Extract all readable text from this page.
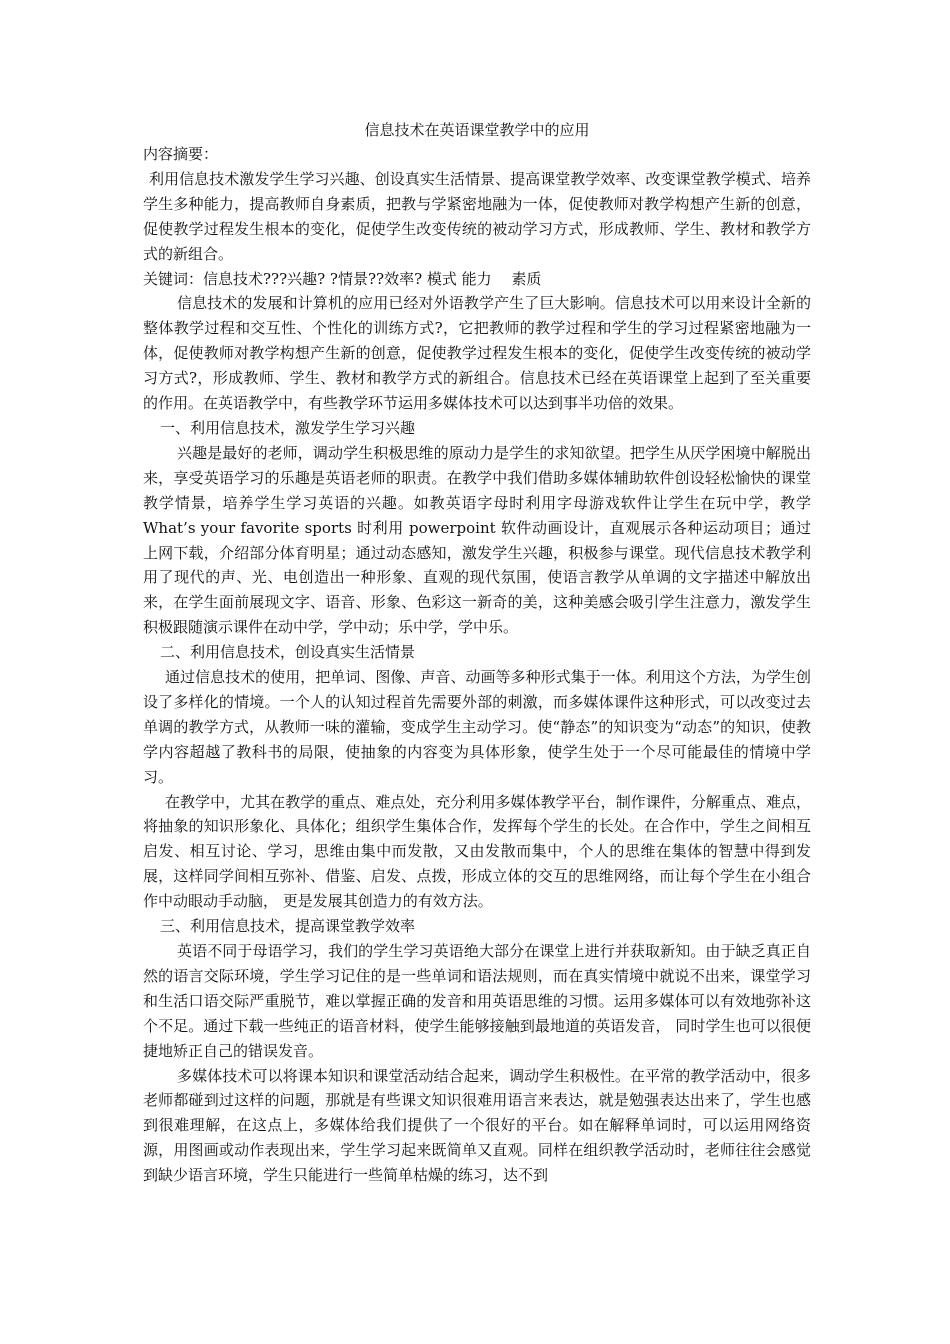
信息技术在英语课堂教学中的应用
内容摘要：

利用信息技术激发学生学习兴趣、创设真实生活情景、提高课堂教学效率、改变课堂教学模式、培养学生多种能力，提高教师自身素质，把教与学紧密地融为一体，促使教师对教学构想产生新的创意，促使教学过程发生根本的变化，促使学生改变传统的被动学习方式，形成教师、学生、教材和教学方式的新组合。

关键词：信息技术???兴趣? ?情景??效率? 模式 能力　 素质

信息技术的发展和计算机的应用已经对外语教学产生了巨大影响。信息技术可以用来设计全新的整体教学过程和交互性、个性化的训练方式?，它把教师的教学过程和学生的学习过程紧密地融为一体，促使教师对教学构想产生新的创意，促使教学过程发生根本的变化，促使学生改变传统的被动学习方式?，形成教师、学生、教材和教学方式的新组合。信息技术已经在英语课堂上起到了至关重要的作用。在英语教学中，有些教学环节运用多媒体技术可以达到事半功倍的效果。

一、利用信息技术，激发学生学习兴趣

兴趣是最好的老师，调动学生积极思维的原动力是学生的求知欲望。把学生从厌学困境中解脱出来，享受英语学习的乐趣是英语老师的职责。在教学中我们借助多媒体辅助软件创设轻松愉快的课堂教学情景，培养学生学习英语的兴趣。如教英语字母时利用字母游戏软件让学生在玩中学，教学 What’s your favorite sports 时利用 powerpoint 软件动画设计，直观展示各种运动项目；通过上网下载，介绍部分体育明星；通过动态感知，激发学生兴趣，积极参与课堂。现代信息技术教学利用了现代的声、光、电创造出一种形象、直观的现代氛围，使语言教学从单调的文字描述中解放出来，在学生面前展现文字、语音、形象、色彩这一新奇的美，这种美感会吸引学生注意力，激发学生积极跟随演示课件在动中学，学中动；乐中学，学中乐。

二、利用信息技术，创设真实生活情景

通过信息技术的使用，把单词、图像、声音、动画等多种形式集于一体。利用这个方法，为学生创设了多样化的情境。一个人的认知过程首先需要外部的刺激，而多媒体课件这种形式，可以改变过去单调的教学方式，从教师一味的灌输，变成学生主动学习。使“静态”的知识变为“动态”的知识，使教学内容超越了教科书的局限，使抽象的内容变为具体形象，使学生处于一个尽可能最佳的情境中学习。

在教学中，尤其在教学的重点、难点处，充分利用多媒体教学平台，制作课件，分解重点、难点，将抽象的知识形象化、具体化；组织学生集体合作，发挥每个学生的长处。在合作中，学生之间相互启发、相互讨论、学习，思维由集中而发散，又由发散而集中，个人的思维在集体的智慧中得到发展，这样同学间相互弥补、借鉴、启发、点拨，形成立体的交互的思维网络，而让每个学生在小组合作中动眼动手动脑， 更是发展其创造力的有效方法。

三、利用信息技术，提高课堂教学效率

英语不同于母语学习，我们的学生学习英语绝大部分在课堂上进行并获取新知。由于缺乏真正自然的语言交际环境，学生学习记住的是一些单词和语法规则，而在真实情境中就说不出来，课堂学习和生活口语交际严重脱节，难以掌握正确的发音和用英语思维的习惯。运用多媒体可以有效地弥补这个不足。通过下载一些纯正的语音材料，使学生能够接触到最地道的英语发音， 同时学生也可以很便捷地矫正自己的错误发音。

多媒体技术可以将课本知识和课堂活动结合起来，调动学生积极性。在平常的教学活动中，很多老师都碰到过这样的问题，那就是有些课文知识很难用语言来表达，就是勉强表达出来了，学生也感到很难理解，在这点上，多媒体给我们提供了一个很好的平台。如在解释单词时，可以运用网络资源，用图画或动作表现出来，学生学习起来既简单又直观。同样在组织教学活动时，老师往往会感觉到缺少语言环境，学生只能进行一些简单枯燥的练习，达不到
